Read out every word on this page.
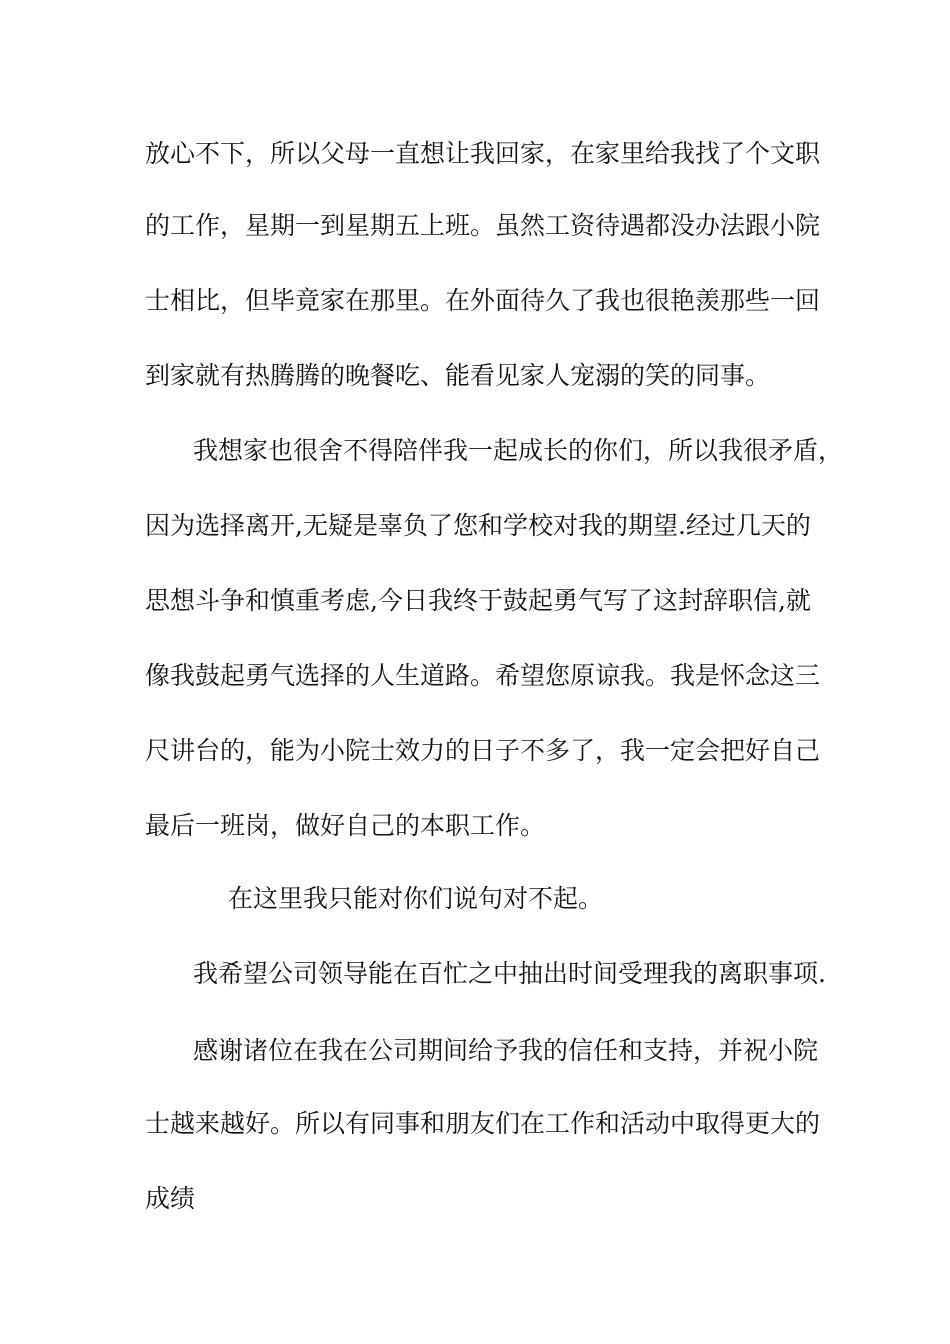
放心不下，所以父母一直想让我回家，在家里给我找了个文职
的工作，星期一到星期五上班。虽然工资待遇都没办法跟小院
士相比，但毕竟家在那里。在外面待久了我也很艳羡那些一回
到家就有热腾腾的晚餐吃、能看见家人宠溺的笑的同事。
我想家也很舍不得陪伴我一起成长的你们，所以我很矛盾，
因为选择离开,无疑是辜负了您和学校对我的期望.经过几天的
思想斗争和慎重考虑,今日我终于鼓起勇气写了这封辞职信,就
像我鼓起勇气选择的人生道路。希望您原谅我。我是怀念这三
尺讲台的，能为小院士效力的日子不多了，我一定会把好自己
最后一班岗，做好自己的本职工作。
在这里我只能对你们说句对不起。
我希望公司领导能在百忙之中抽出时间受理我的离职事项.
感谢诸位在我在公司期间给予我的信任和支持，并祝小院
士越来越好。所以有同事和朋友们在工作和活动中取得更大的
成绩
